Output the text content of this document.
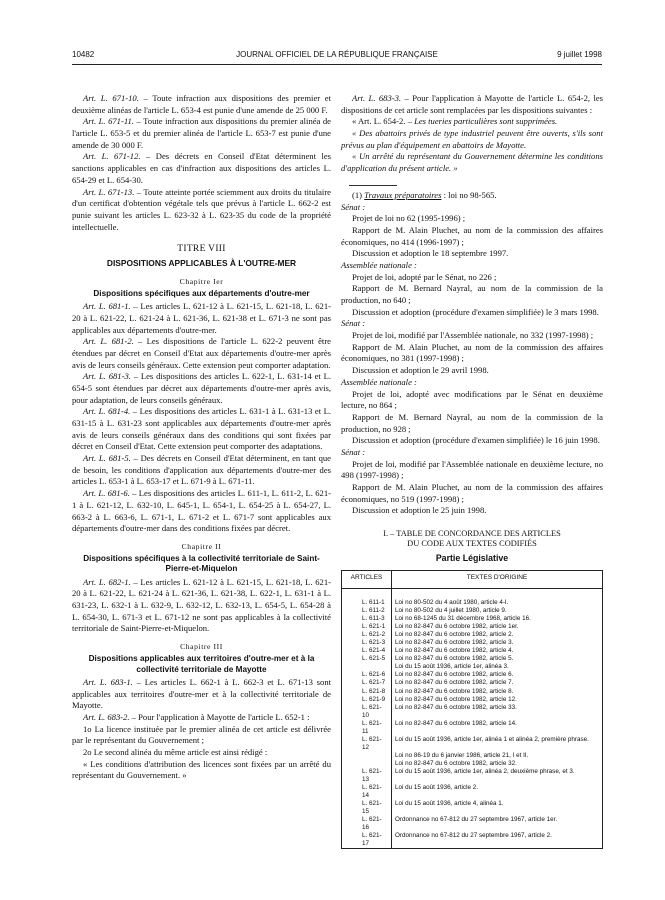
10482	JOURNAL OFFICIEL DE LA RÉPUBLIQUE FRANÇAISE	9 juillet 1998

Art. L. 671-10. – Toute infraction aux dispositions des premier et deuxième alinéas de l'article L. 653-4 est punie d'une amende de 25 000 F.

Art. L. 671-11. – Toute infraction aux dispositions du premier alinéa de l'article L. 653-5 et du premier alinéa de l'article L. 653-7 est punie d'une amende de 30 000 F.

Art. L. 671-12. – Des décrets en Conseil d'Etat déterminent les sanctions applicables en cas d'infraction aux dispositions des articles L. 654-29 et L. 654-30.

Art. L. 671-13. – Toute atteinte portée sciemment aux droits du titulaire d'un certificat d'obtention végétale tels que prévus à l'article L. 662-2 est punie suivant les articles L. 623-32 à L. 623-35 du code de la propriété intellectuelle.

TITRE VIII
DISPOSITIONS APPLICABLES À L'OUTRE-MER
Chapitre Ier
Dispositions spécifiques aux départements d'outre-mer

Art. L. 681-1. – Les articles L. 621-12 à L. 621-15, L. 621-18, L. 621-20 à L. 621-22, L. 621-24 à L. 621-36, L. 621-38 et L. 671-3 ne sont pas applicables aux départements d'outre-mer.

Art. L. 681-2. – Les dispositions de l'article L. 622-2 peuvent être étendues par décret en Conseil d'Etat aux départements d'outre-mer après avis de leurs conseils généraux. Cette extension peut comporter adaptation.

Art. L. 681-3. – Les dispositions des articles L. 622-1, L. 631-14 et L. 654-5 sont étendues par décret aux départements d'outre-mer après avis, pour adaptation, de leurs conseils généraux.

Art. L. 681-4. – Les dispositions des articles L. 631-1 à L. 631-13 et L. 631-15 à L. 631-23 sont applicables aux départements d'outre-mer après avis de leurs conseils généraux dans des conditions qui sont fixées par décret en Conseil d'Etat. Cette extension peut comporter des adaptations.

Art. L. 681-5. – Des décrets en Conseil d'Etat déterminent, en tant que de besoin, les conditions d'application aux départements d'outre-mer des articles L. 653-1 à L. 653-17 et L. 671-9 à L. 671-11.

Art. L. 681-6. – Les dispositions des articles L. 611-1, L. 611-2, L. 621-1 à L. 621-12, L. 632-10, L. 645-1, L. 654-1, L. 654-25 à L. 654-27, L. 663-2 à L. 663-6, L. 671-1, L. 671-2 et L. 671-7 sont applicables aux départements d'outre-mer dans des conditions fixées par décret.

Chapitre II
Dispositions spécifiques à la collectivité territoriale de Saint-Pierre-et-Miquelon

Art. L. 682-1. – Les articles L. 621-12 à L. 621-15, L. 621-18, L. 621-20 à L. 621-22, L. 621-24 à L. 621-36, L. 621-38, L. 622-1, L. 631-1 à L. 631-23, L. 632-1 à L. 632-9, L. 632-12, L. 632-13, L. 654-5, L. 654-28 à L. 654-30, L. 671-3 et L. 671-12 ne sont pas applicables à la collectivité territoriale de Saint-Pierre-et-Miquelon.

Chapitre III
Dispositions applicables aux territoires d'outre-mer et à la collectivité territoriale de Mayotte

Art. L. 683-1. – Les articles L. 662-1 à L. 662-3 et L. 671-13 sont applicables aux territoires d'outre-mer et à la collectivité territoriale de Mayotte.

Art. L. 683-2. – Pour l'application à Mayotte de l'article L. 652-1 :

1o La licence instituée par le premier alinéa de cet article est délivrée par le représentant du Gouvernement ;

2o Le second alinéa du même article est ainsi rédigé :

« Les conditions d'attribution des licences sont fixées par un arrêté du représentant du Gouvernement. »

Art. L. 683-3. – Pour l'application à Mayotte de l'article L. 654-2, les dispositions de cet article sont remplacées par les dispositions suivantes :

« Art. L. 654-2. – Les tueries particulières sont supprimées.

« Des abattoirs privés de type industriel peuvent être ouverts, s'ils sont prévus au plan d'équipement en abattoirs de Mayotte.

« Un arrêté du représentant du Gouvernement détermine les conditions d'application du présent article. »

(1) Travaux préparatoires : loi no 98-565.

Sénat :

Projet de loi no 62 (1995-1996) ;

Rapport de M. Alain Pluchet, au nom de la commission des affaires économiques, no 414 (1996-1997) ;

Discussion et adoption le 18 septembre 1997.

Assemblée nationale :

Projet de loi, adopté par le Sénat, no 226 ;

Rapport de M. Bernard Nayral, au nom de la commission de la production, no 640 ;

Discussion et adoption (procédure d'examen simplifiée) le 3 mars 1998.

Sénat :

Projet de loi, modifié par l'Assemblée nationale, no 332 (1997-1998) ;

Rapport de M. Alain Pluchet, au nom de la commission des affaires économiques, no 381 (1997-1998) ;

Discussion et adoption le 29 avril 1998.

Assemblée nationale :

Projet de loi, adopté avec modifications par le Sénat en deuxième lecture, no 864 ;

Rapport de M. Bernard Nayral, au nom de la commission de la production, no 928 ;

Discussion et adoption (procédure d'examen simplifiée) le 16 juin 1998.

Sénat :

Projet de loi, modifié par l'Assemblée nationale en deuxième lecture, no 498 (1997-1998) ;

Rapport de M. Alain Pluchet, au nom de la commission des affaires économiques, no 519 (1997-1998) ;

Discussion et adoption le 25 juin 1998.

I. – TABLE DE CONCORDANCE DES ARTICLES
DU CODE AUX TEXTES CODIFIÉS
Partie Législative
ARTICLES	TEXTES D'ORIGINE
L. 611-1	Loi no 80-502 du 4 août 1980, article 4-I.
L. 611-2	Loi no 80-502 du 4 juillet 1980, article 9.
L. 611-3	Loi no 68-1245 du 31 décembre 1968, article 16.
L. 621-1	Loi no 82-847 du 6 octobre 1982, article 1er.
L. 621-2	Loi no 82-847 du 6 octobre 1982, article 2.
L. 621-3	Loi no 82-847 du 6 octobre 1982, article 3.
L. 621-4	Loi no 82-847 du 6 octobre 1982, article 4.
L. 621-5	Loi no 82-847 du 6 octobre 1982, article 5.
	Loi du 15 août 1936, article 1er, alinéa 3.
L. 621-6	Loi no 82-847 du 6 octobre 1982, article 6.
L. 621-7	Loi no 82-847 du 6 octobre 1982, article 7.
L. 621-8	Loi no 82-847 du 6 octobre 1982, article 8.
L. 621-9	Loi no 82-847 du 6 octobre 1982, article 12.
L. 621-10	Loi no 82-847 du 6 octobre 1982, article 33.
L. 621-11	Loi no 82-847 du 6 octobre 1982, article 14.
L. 621-12	Loi du 15 août 1936, article 1er, alinéa 1 et alinéa 2, première phrase.
	Loi no 86-19 du 6 janvier 1986, article 21, I et II.
	Loi no 82-847 du 6 octobre 1982, article 32.
L. 621-13	Loi du 15 août 1936, article 1er, alinéa 2, deuxième phrase, et 3.
L. 621-14	Loi du 15 août 1936, article 2.
L. 621-15	Loi du 15 août 1936, article 4, alinéa 1.
L. 621-16	Ordonnance no 67-812 du 27 septembre 1967, article 1er.
L. 621-17	Ordonnance no 67-812 du 27 septembre 1967, article 2.
